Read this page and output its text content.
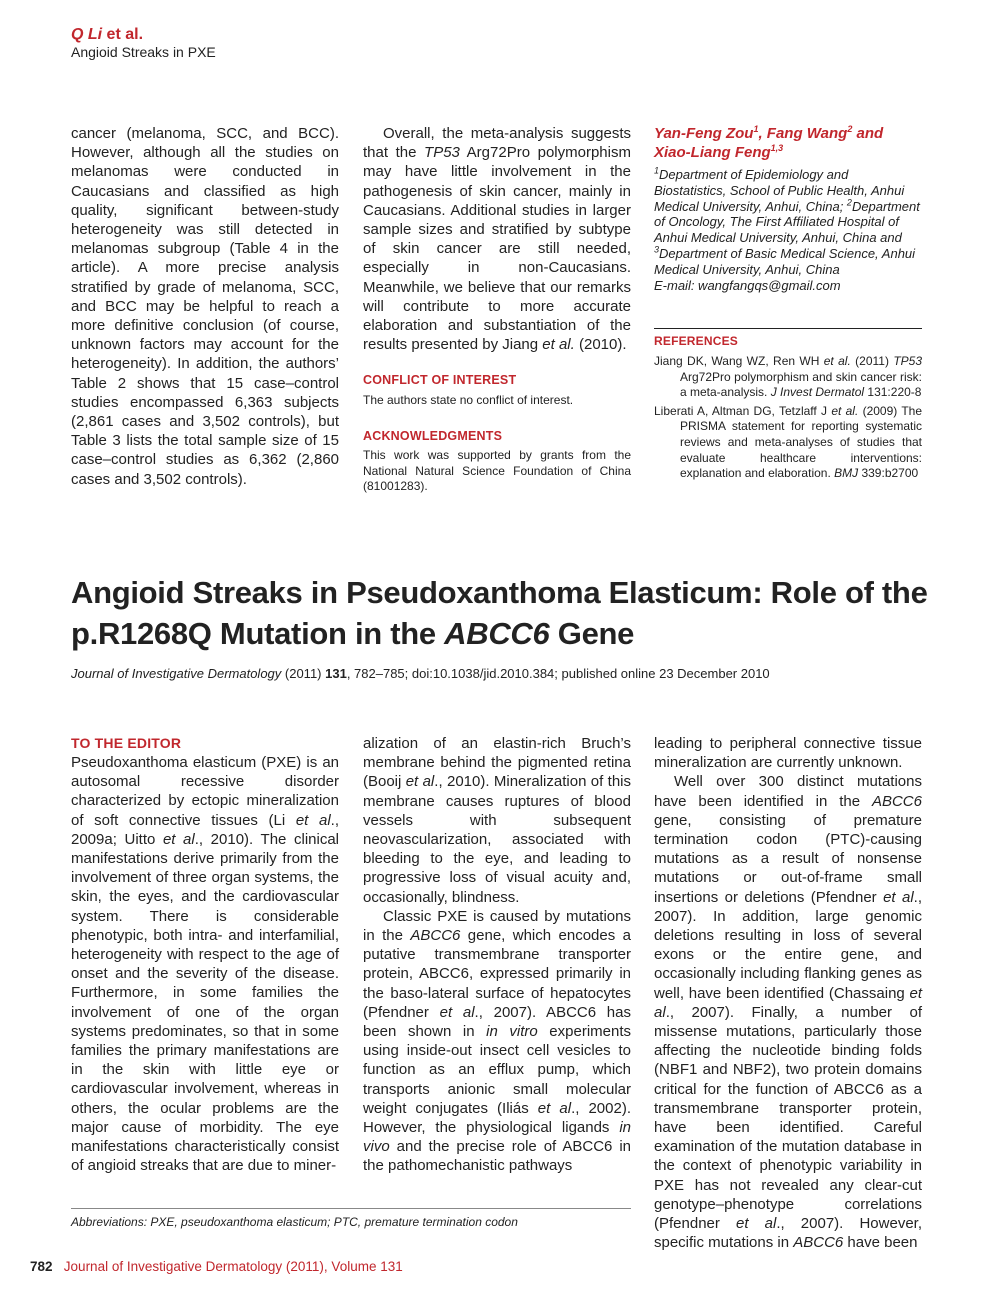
Q Li et al.
Angioid Streaks in PXE

cancer (melanoma, SCC, and BCC). However, although all the studies on melanomas were conducted in Caucasians and classified as high quality, significant between-study heterogeneity was still detected in melanomas subgroup (Table 4 in the article). A more precise analysis stratified by grade of melanoma, SCC, and BCC may be helpful to reach a more definitive conclusion (of course, unknown factors may account for the heterogeneity). In addition, the authors’ Table 2 shows that 15 case–control studies encompassed 6,363 subjects (2,861 cases and 3,502 controls), but Table 3 lists the total sample size of 15 case–control studies as 6,362 (2,860 cases and 3,502 controls).

Overall, the meta-analysis suggests that the TP53 Arg72Pro polymorphism may have little involvement in the pathogenesis of skin cancer, mainly in Caucasians. Additional studies in larger sample sizes and stratified by subtype of skin cancer are still needed, especially in non-Caucasians. Meanwhile, we believe that our remarks will contribute to more accurate elaboration and substantiation of the results presented by Jiang et al. (2010).

CONFLICT OF INTEREST
The authors state no conflict of interest.
ACKNOWLEDGMENTS
This work was supported by grants from the National Natural Science Foundation of China (81001283).
Yan-Feng Zou$^1$, Fang Wang$^2$ and
Xiao-Liang Feng$^{1,3}$
$^1$Department of Epidemiology and Biostatistics, School of Public Health, Anhui Medical University, Anhui, China; $^2$Department of Oncology, The First Affiliated Hospital of Anhui Medical University, Anhui, China and $^3$Department of Basic Medical Science, Anhui Medical University, Anhui, China
E-mail: wangfangqs@gmail.com
REFERENCES
Jiang DK, Wang WZ, Ren WH et al. (2011) TP53 Arg72Pro polymorphism and skin cancer risk: a meta-analysis. J Invest Dermatol 131:220-8
Liberati A, Altman DG, Tetzlaff J et al. (2009) The PRISMA statement for reporting systematic reviews and meta-analyses of studies that evaluate healthcare interventions: explanation and elaboration. BMJ 339:b2700
Angioid Streaks in Pseudoxanthoma Elasticum: Role of the p.R1268Q Mutation in the ABCC6 Gene
Journal of Investigative Dermatology (2011) 131, 782–785; doi:10.1038/jid.2010.384; published online 23 December 2010
TO THE EDITOR

Pseudoxanthoma elasticum (PXE) is an autosomal recessive disorder characterized by ectopic mineralization of soft connective tissues (Li et al., 2009a; Uitto et al., 2010). The clinical manifestations derive primarily from the involvement of three organ systems, the skin, the eyes, and the cardiovascular system. There is considerable phenotypic, both intra- and interfamilial, heterogeneity with respect to the age of onset and the severity of the disease. Furthermore, in some families the involvement of one of the organ systems predominates, so that in some families the primary manifestations are in the skin with little eye or cardiovascular involvement, whereas in others, the ocular problems are the major cause of morbidity. The eye manifestations characteristically consist of angioid streaks that are due to miner-

alization of an elastin-rich Bruch’s membrane behind the pigmented retina (Booij et al., 2010). Mineralization of this membrane causes ruptures of blood vessels with subsequent neovascularization, associated with bleeding to the eye, and leading to progressive loss of visual acuity and, occasionally, blindness.

Classic PXE is caused by mutations in the ABCC6 gene, which encodes a putative transmembrane transporter protein, ABCC6, expressed primarily in the baso-lateral surface of hepatocytes (Pfendner et al., 2007). ABCC6 has been shown in in vitro experiments using inside-out insect cell vesicles to function as an efflux pump, which transports anionic small molecular weight conjugates (Iliás et al., 2002). However, the physiological ligands in vivo and the precise role of ABCC6 in the pathomechanistic pathways

leading to peripheral connective tissue mineralization are currently unknown.

Well over 300 distinct mutations have been identified in the ABCC6 gene, consisting of premature termination codon (PTC)-causing mutations as a result of nonsense mutations or out-of-frame small insertions or deletions (Pfendner et al., 2007). In addition, large genomic deletions resulting in loss of several exons or the entire gene, and occasionally including flanking genes as well, have been identified (Chassaing et al., 2007). Finally, a number of missense mutations, particularly those affecting the nucleotide binding folds (NBF1 and NBF2), two protein domains critical for the function of ABCC6 as a transmembrane transporter protein, have been identified. Careful examination of the mutation database in the context of phenotypic variability in PXE has not revealed any clear-cut genotype–phenotype correlations (Pfendner et al., 2007). However, specific mutations in ABCC6 have been

Abbreviations: PXE, pseudoxanthoma elasticum; PTC, premature termination codon
782 Journal of Investigative Dermatology (2011), Volume 131
